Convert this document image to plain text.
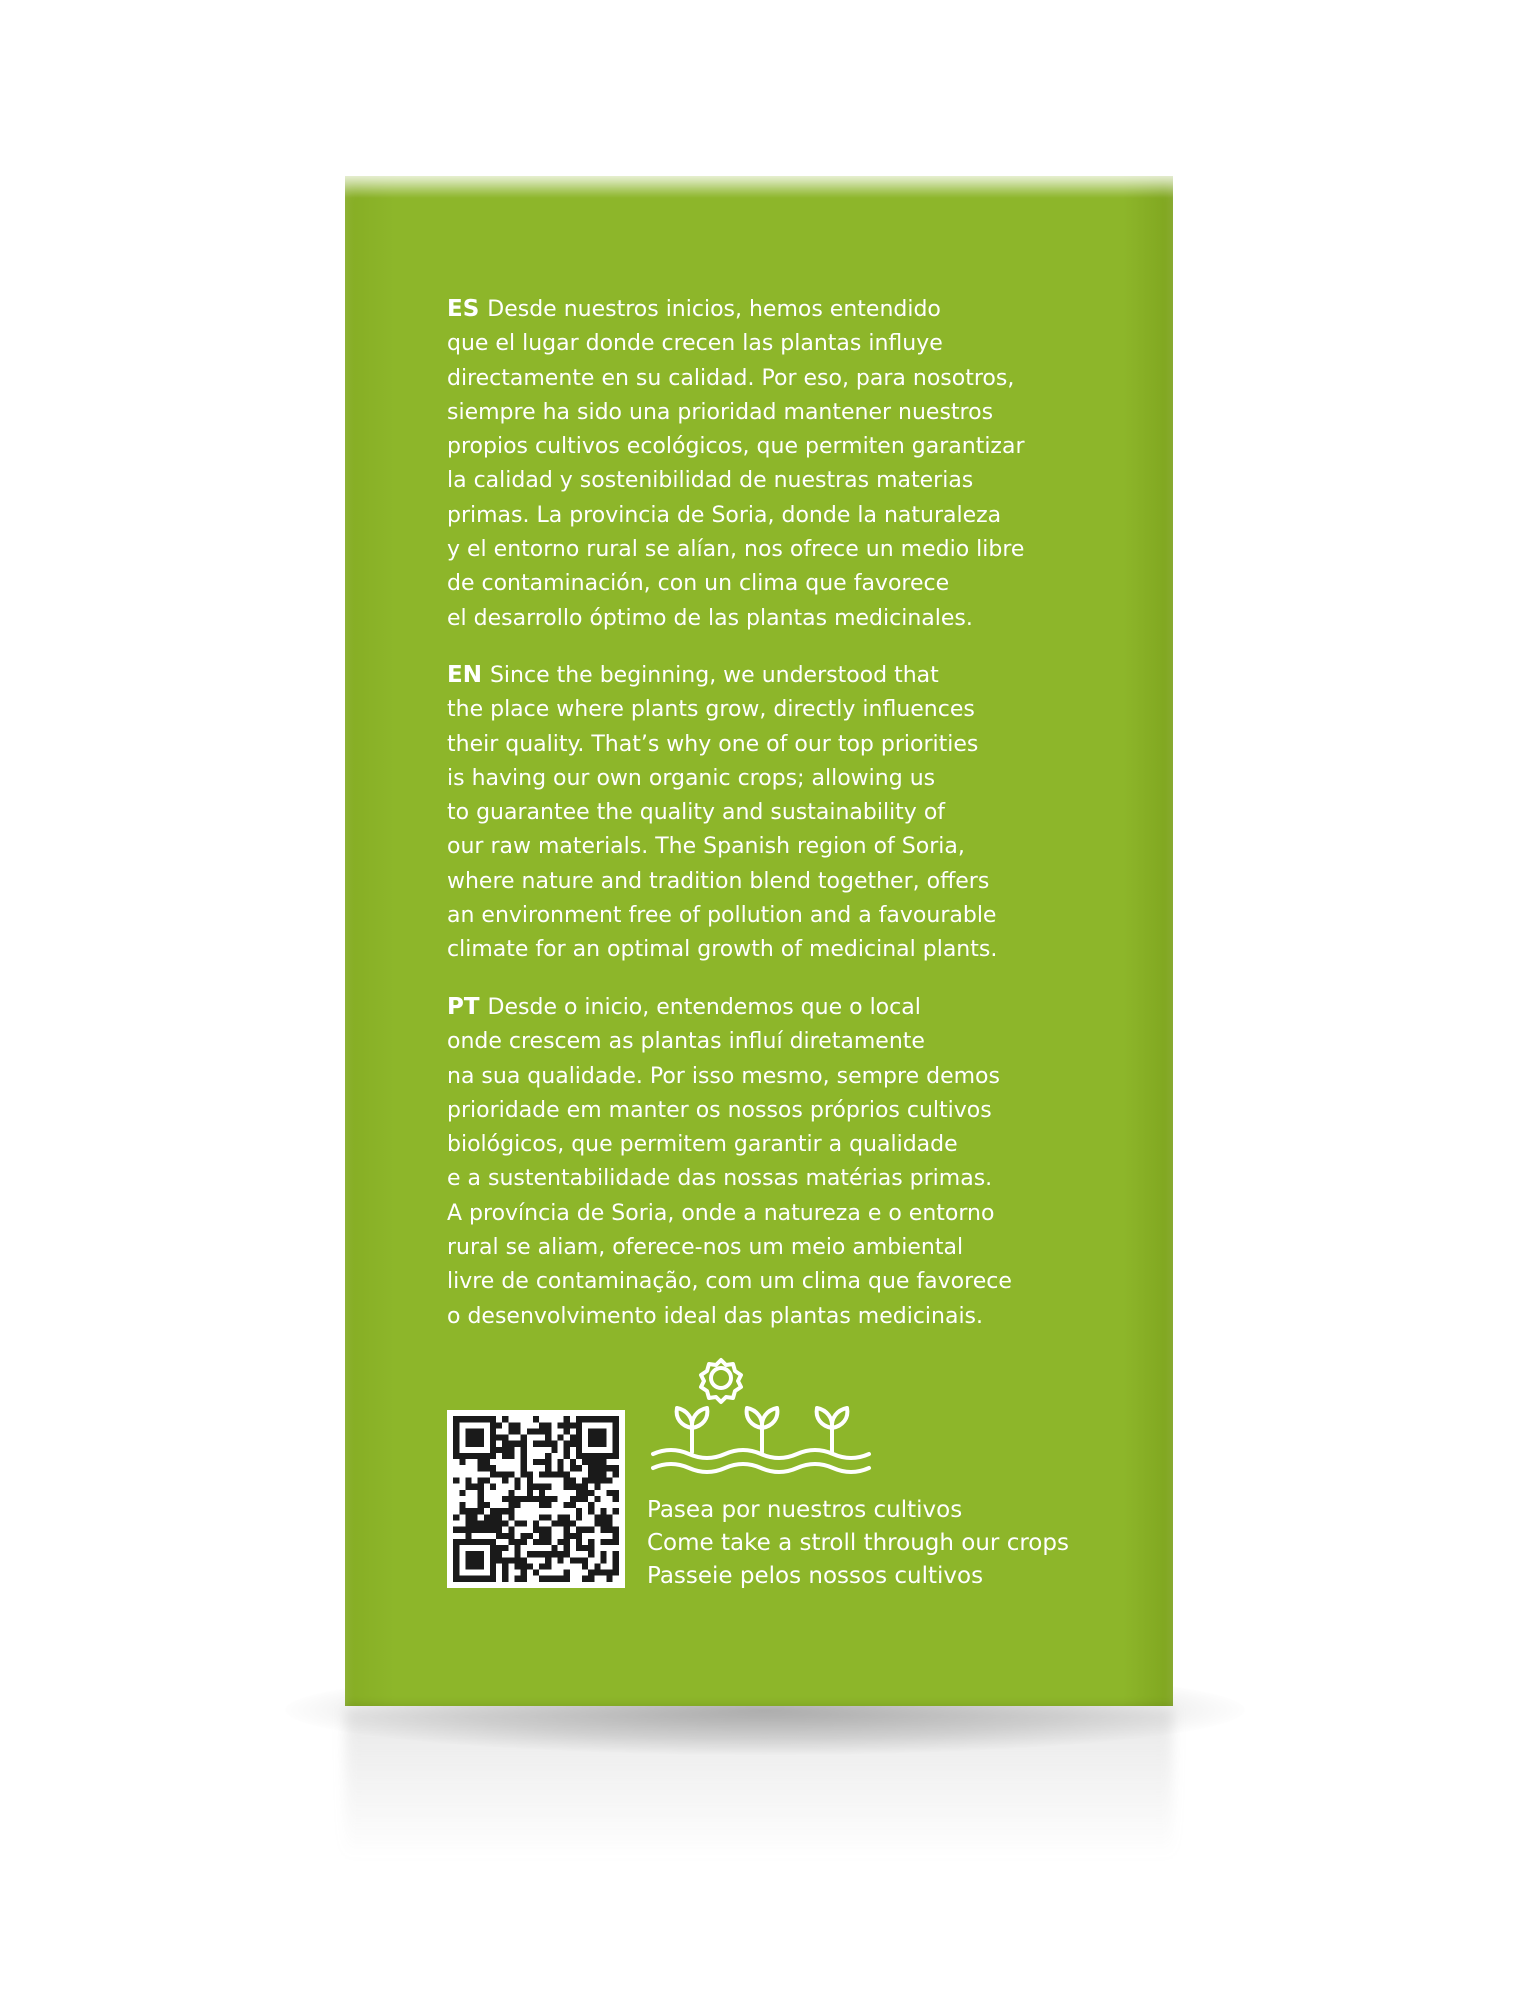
ES Desde nuestros inicios, hemos entendido
que el lugar donde crecen las plantas influye
directamente en su calidad. Por eso, para nosotros,
siempre ha sido una prioridad mantener nuestros
propios cultivos ecológicos, que permiten garantizar
la calidad y sostenibilidad de nuestras materias
primas. La provincia de Soria, donde la naturaleza
y el entorno rural se alían, nos ofrece un medio libre
de contaminación, con un clima que favorece
el desarrollo óptimo de las plantas medicinales.

EN Since the beginning, we understood that
the place where plants grow, directly influences
their quality. That’s why one of our top priorities
is having our own organic crops; allowing us
to guarantee the quality and sustainability of
our raw materials. The Spanish region of Soria,
where nature and tradition blend together, offers
an environment free of pollution and a favourable
climate for an optimal growth of medicinal plants.

PT Desde o inicio, entendemos que o local
onde crescem as plantas influí diretamente
na sua qualidade. Por isso mesmo, sempre demos
prioridade em manter os nossos próprios cultivos
biológicos, que permitem garantir a qualidade
e a sustentabilidade das nossas matérias primas.
A província de Soria, onde a natureza e o entorno
rural se aliam, oferece-nos um meio ambiental
livre de contaminação, com um clima que favorece
o desenvolvimento ideal das plantas medicinais.

Pasea por nuestros cultivos
Come take a stroll through our crops
Passeie pelos nossos cultivos
